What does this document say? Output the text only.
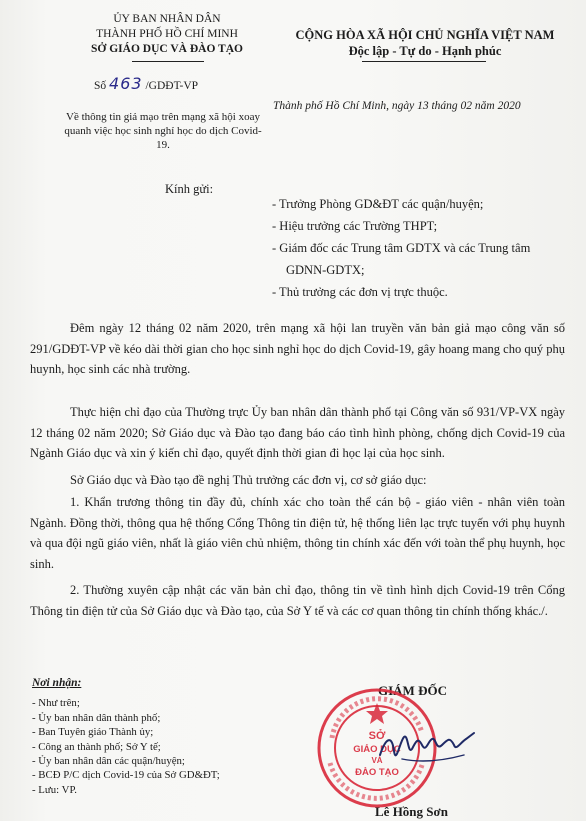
ỦY BAN NHÂN DÂN
THÀNH PHỐ HỒ CHÍ MINH
SỞ GIÁO DỤC VÀ ĐÀO TẠO
CỘNG HÒA XÃ HỘI CHỦ NGHĨA VIỆT NAM
Độc lập - Tự do - Hạnh phúc
Số 463 /GDĐT-VP
Về thông tin giả mạo trên mạng xã hội xoay quanh việc học sinh nghỉ học do dịch Covid-19.
Thành phố Hồ Chí Minh, ngày 13 tháng 02 năm 2020
Kính gửi:
- Trưởng Phòng GD&ĐT các quận/huyện;
- Hiệu trưởng các Trường THPT;
- Giám đốc các Trung tâm GDTX và các Trung tâm GDNN-GDTX;
- Thủ trưởng các đơn vị trực thuộc.
Đêm ngày 12 tháng 02 năm 2020, trên mạng xã hội lan truyền văn bản giả mạo công văn số 291/GDĐT-VP về kéo dài thời gian cho học sinh nghỉ học do dịch Covid-19, gây hoang mang cho quý phụ huynh, học sinh các nhà trường.
Thực hiện chỉ đạo của Thường trực Ủy ban nhân dân thành phố tại Công văn số 931/VP-VX ngày 12 tháng 02 năm 2020; Sở Giáo dục và Đào tạo đang báo cáo tình hình phòng, chống dịch Covid-19 của Ngành Giáo dục và xin ý kiến chỉ đạo, quyết định thời gian đi học lại của học sinh.
Sở Giáo dục và Đào tạo đề nghị Thủ trưởng các đơn vị, cơ sở giáo dục:
1. Khẩn trương thông tin đầy đủ, chính xác cho toàn thể cán bộ - giáo viên - nhân viên toàn Ngành. Đồng thời, thông qua hệ thống Cổng Thông tin điện tử, hệ thống liên lạc trực tuyến với phụ huynh và qua đội ngũ giáo viên, nhất là giáo viên chủ nhiệm, thông tin chính xác đến với toàn thể phụ huynh, học sinh.
2. Thường xuyên cập nhật các văn bản chỉ đạo, thông tin về tình hình dịch Covid-19 trên Cổng Thông tin điện tử của Sở Giáo dục và Đào tạo, của Sở Y tế và các cơ quan thông tin chính thống khác./.
Nơi nhận:
- Như trên;
- Ủy ban nhân dân thành phố;
- Ban Tuyên giáo Thành ủy;
- Công an thành phố; Sở Y tế;
- Ủy ban nhân dân các quận/huyện;
- BCĐ P/C dịch Covid-19 của Sở GD&ĐT;
- Lưu: VP.
GIÁM ĐỐC
SỞ
GIÁO DỤC
VÀ
ĐÀO TẠO
Lê Hồng Sơn
